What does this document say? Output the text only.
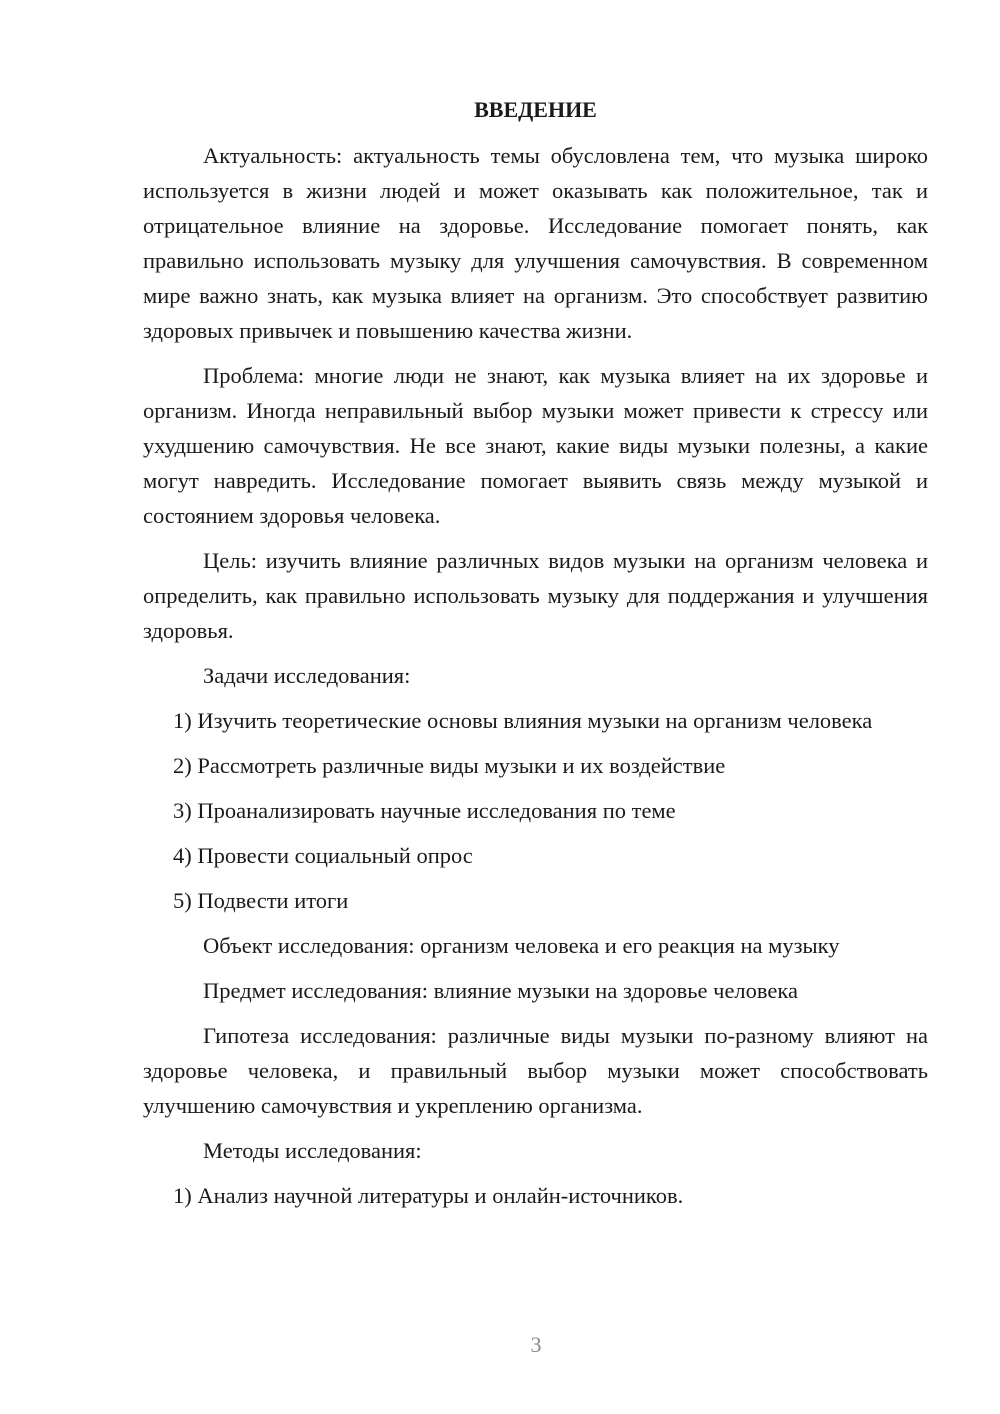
ВВЕДЕНИЕ

Актуальность: актуальность темы обусловлена тем, что музыка широко используется в жизни людей и может оказывать как положительное, так и отрицательное влияние на здоровье. Исследование помогает понять, как правильно использовать музыку для улучшения самочувствия. В современном мире важно знать, как музыка влияет на организм. Это способствует развитию здоровых привычек и повышению качества жизни.

Проблема: многие люди не знают, как музыка влияет на их здоровье и организм. Иногда неправильный выбор музыки может привести к стрессу или ухудшению самочувствия. Не все знают, какие виды музыки полезны, а какие могут навредить. Исследование помогает выявить связь между музыкой и состоянием здоровья человека.

Цель: изучить влияние различных видов музыки на организм человека и определить, как правильно использовать музыку для поддержания и улучшения здоровья.

Задачи исследования:

1) Изучить теоретические основы влияния музыки на организм человека

2) Рассмотреть различные виды музыки и их воздействие

3) Проанализировать научные исследования по теме

4) Провести социальный опрос

5) Подвести итоги

Объект исследования: организм человека и его реакция на музыку

Предмет исследования: влияние музыки на здоровье человека

Гипотеза исследования: различные виды музыки по-разному влияют на здоровье человека, и правильный выбор музыки может способствовать улучшению самочувствия и укреплению организма.

Методы исследования:

1) Анализ научной литературы и онлайн-источников.

3
